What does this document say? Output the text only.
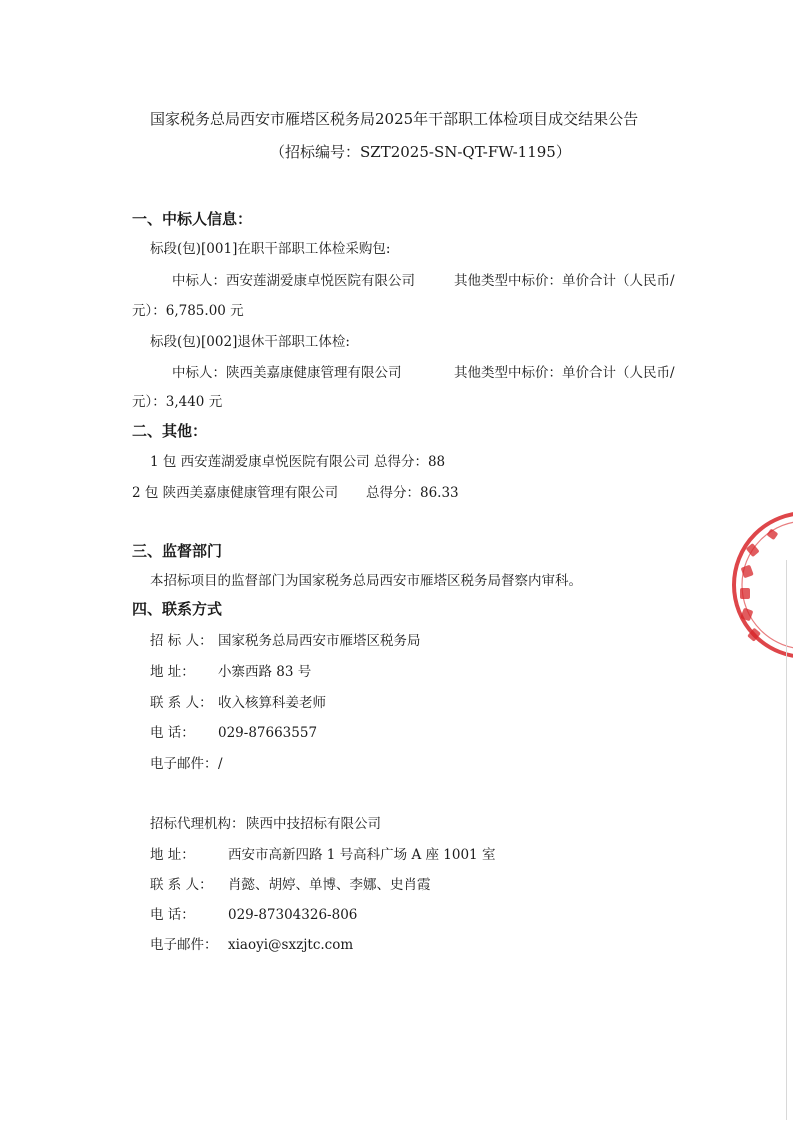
国家税务总局西安市雁塔区税务局2025年干部职工体检项目成交结果公告
（招标编号：SZT2025-SN-QT-FW-1195）
一、中标人信息：
标段(包)[001]在职干部职工体检采购包:
中标人：西安莲湖爱康卓悦医院有限公司	其他类型中标价：单价合计（人民币/
元）：6,785.00 元
标段(包)[002]退休干部职工体检:
中标人：陕西美嘉康健康管理有限公司	其他类型中标价：单价合计（人民币/
元）：3,440 元
二、其他：
1 包 西安莲湖爱康卓悦医院有限公司 总得分：88
2 包 陕西美嘉康健康管理有限公司 总得分：86.33
三、监督部门
本招标项目的监督部门为国家税务总局西安市雁塔区税务局督察内审科。
四、联系方式
招 标 人： 国家税务总局西安市雁塔区税务局
地 址： 小寨西路 83 号
联 系 人： 收入核算科姜老师
电 话： 029-87663557
电子邮件： /
招标代理机构： 陕西中技招标有限公司
地 址： 西安市高新四路 1 号高科广场 A 座 1001 室
联 系 人： 肖懿、胡婷、单博、李娜、史肖霞
电 话： 029-87304326-806
电子邮件： xiaoyi@sxzjtc.com
